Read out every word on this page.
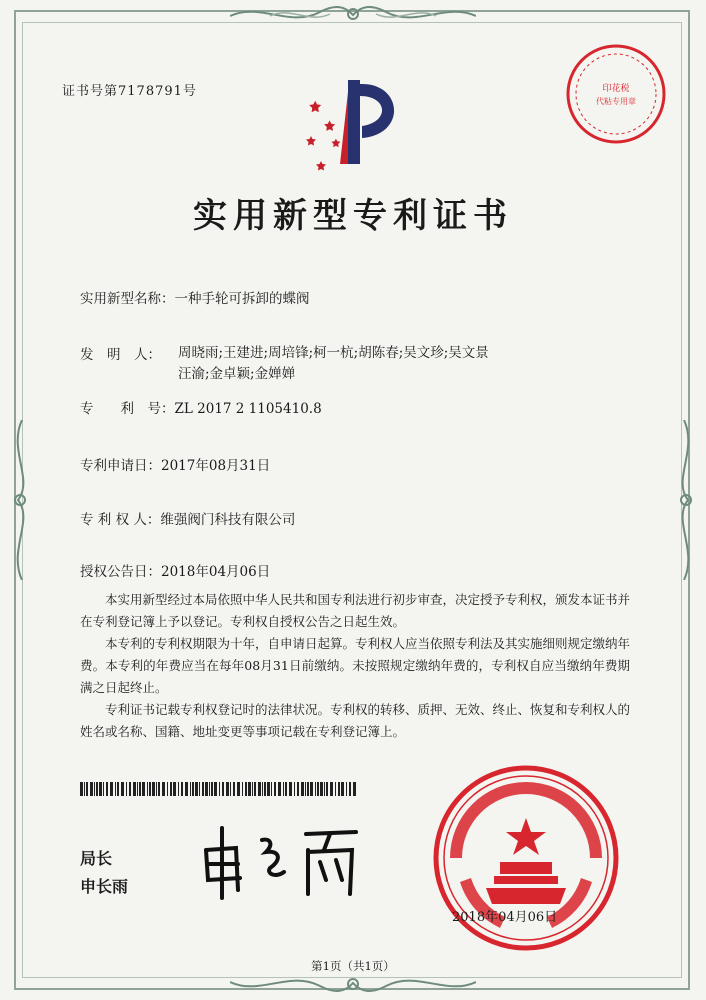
证书号第7178791号	印花税
代粘专用章
实用新型专利证书
实用新型名称：一种手轮可拆卸的蝶阀
发　明　人： 周晓雨;王建进;周培锋;柯一杭;胡陈春;吴文珍;吴文景
汪渝;金卓颖;金婵婵
专　　利　号：ZL 2017 2 1105410.8
专利申请日：2017年08月31日
专 利 权 人：维强阀门科技有限公司
授权公告日：2018年04月06日

本实用新型经过本局依照中华人民共和国专利法进行初步审查，决定授予专利权，颁发本证书并在专利登记簿上予以登记。专利权自授权公告之日起生效。

本专利的专利权期限为十年，自申请日起算。专利权人应当依照专利法及其实施细则规定缴纳年费。本专利的年费应当在每年08月31日前缴纳。未按照规定缴纳年费的，专利权自应当缴纳年费期满之日起终止。

专利证书记载专利权登记时的法律状况。专利权的转移、质押、无效、终止、恢复和专利权人的姓名或名称、国籍、地址变更等事项记载在专利登记簿上。

局长
申长雨
2018年04月06日
第1页（共1页）
